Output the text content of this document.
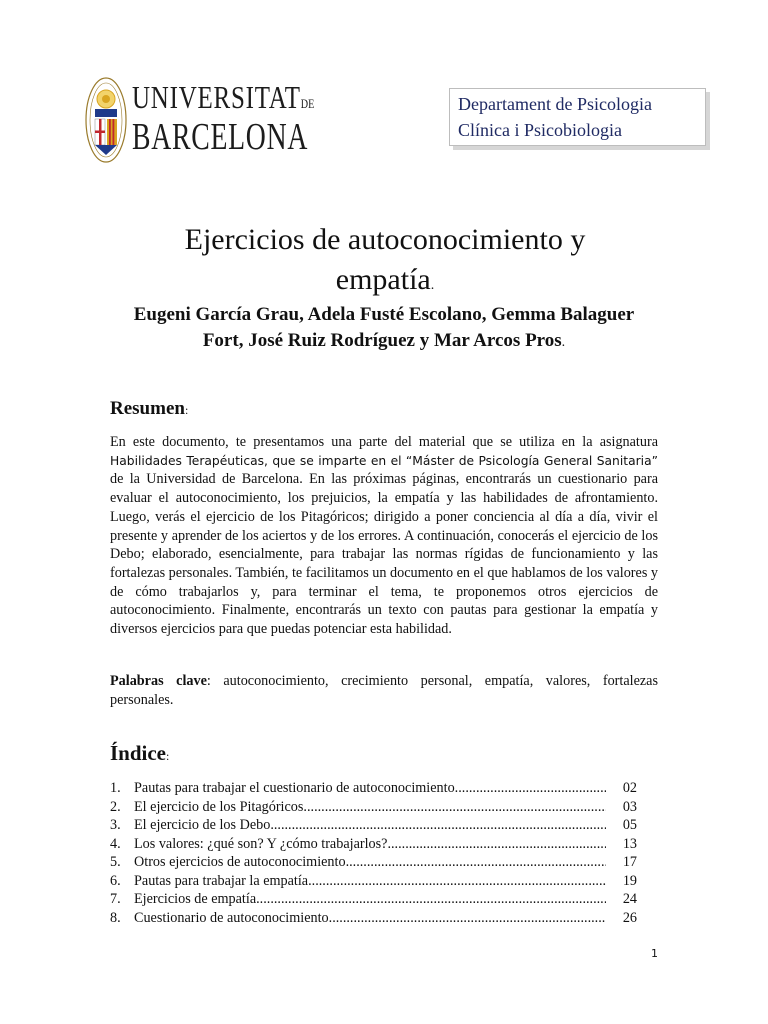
UNIVERSITATDE
BARCELONA
Departament de Psicologia
Clínica i Psicobiologia
Ejercicios de autoconocimiento y
empatía.
Eugeni García Grau, Adela Fusté Escolano, Gemma Balaguer
Fort, José Ruiz Rodríguez y Mar Arcos Pros.
Resumen:
En este documento, te presentamos una parte del material que se utiliza en la asignatura Habilidades Terapéuticas, que se imparte en el “Máster de Psicología General Sanitaria” de la Universidad de Barcelona. En las próximas páginas, encontrarás un cuestionario para evaluar el autoconocimiento, los prejuicios, la empatía y las habilidades de afrontamiento. Luego, verás el ejercicio de los Pitagóricos; dirigido a poner conciencia al día a día, vivir el presente y aprender de los aciertos y de los errores. A continuación, conocerás el ejercicio de los Debo; elaborado, esencialmente, para trabajar las normas rígidas de funcionamiento y las fortalezas personales. También, te facilitamos un documento en el que hablamos de los valores y de cómo trabajarlos y, para terminar el tema, te proponemos otros ejercicios de autoconocimiento. Finalmente, encontrarás un texto con pautas para gestionar la empatía y diversos ejercicios para que puedas potenciar esta habilidad.
Palabras clave: autoconocimiento, crecimiento personal, empatía, valores, fortalezas personales.
Índice:
1. Pautas para trabajar el cuestionario de autoconocimiento .....	02
2. El ejercicio de los Pitagóricos .....	03
3. El ejercicio de los Debo .....	05
4. Los valores: ¿qué son? Y ¿cómo trabajarlos? .....	13
5. Otros ejercicios de autoconocimiento .....	17
6. Pautas para trabajar la empatía .....	19
7. Ejercicios de empatía .....	24
8. Cuestionario de autoconocimiento .....	26
1
